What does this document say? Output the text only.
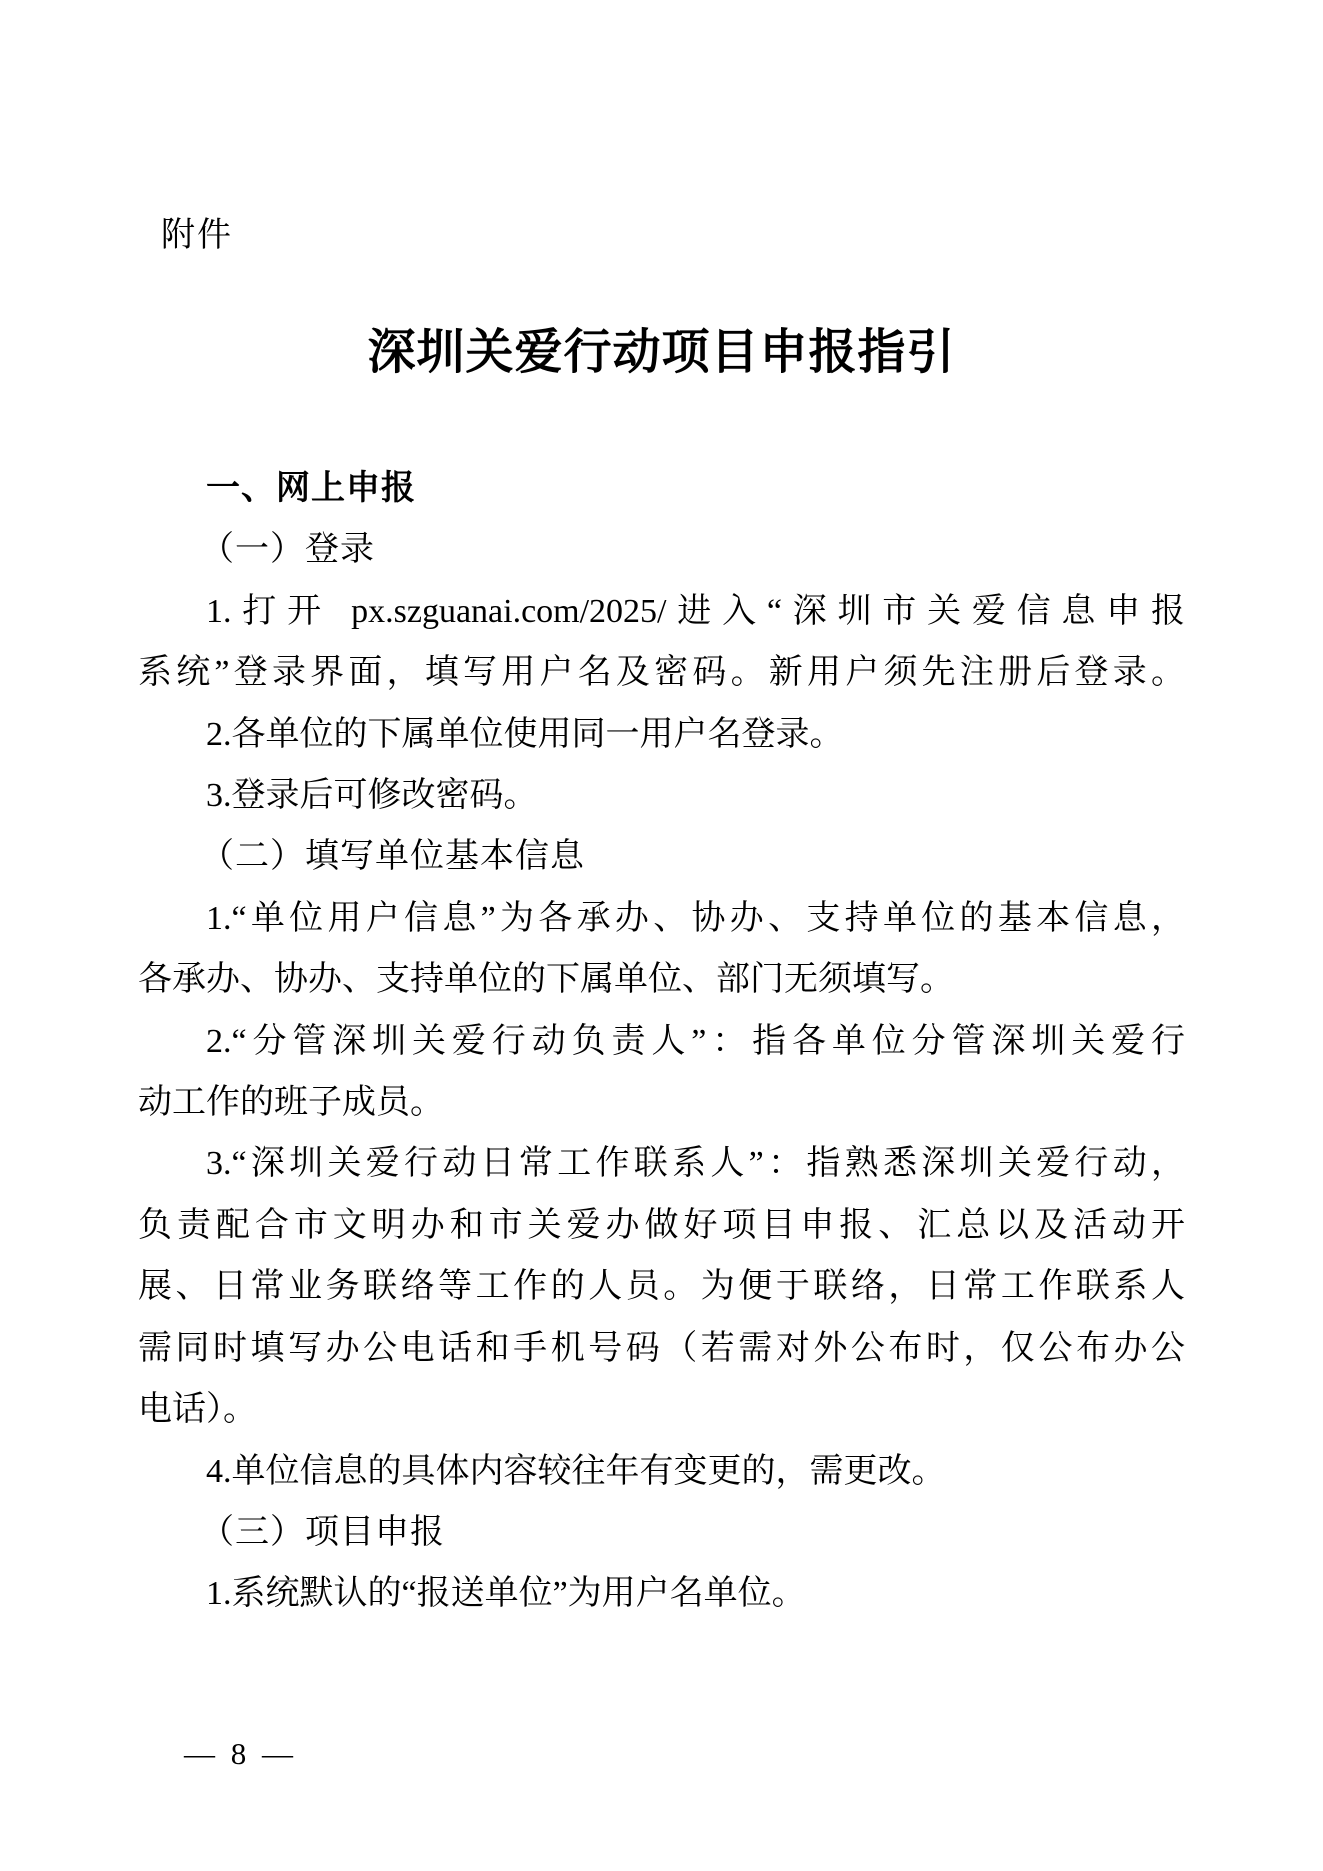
附件
深圳关爱行动项目申报指引
一、网上申报
（一）登录
1.打开 px.szguanai.com/2025/进入“深圳市关爱信息申报
系统”登录界面，填写用户名及密码。新用户须先注册后登录。
2.各单位的下属单位使用同一用户名登录。
3.登录后可修改密码。
（二）填写单位基本信息
1.“单位用户信息”为各承办、协办、支持单位的基本信息，
各承办、协办、支持单位的下属单位、部门无须填写。
2.“分管深圳关爱行动负责人”：指各单位分管深圳关爱行
动工作的班子成员。
3.“深圳关爱行动日常工作联系人”：指熟悉深圳关爱行动，
负责配合市文明办和市关爱办做好项目申报、汇总以及活动开
展、日常业务联络等工作的人员。为便于联络，日常工作联系人
需同时填写办公电话和手机号码（若需对外公布时，仅公布办公
电话）。
4.单位信息的具体内容较往年有变更的，需更改。
（三）项目申报
1.系统默认的“报送单位”为用户名单位。
— 8 —
